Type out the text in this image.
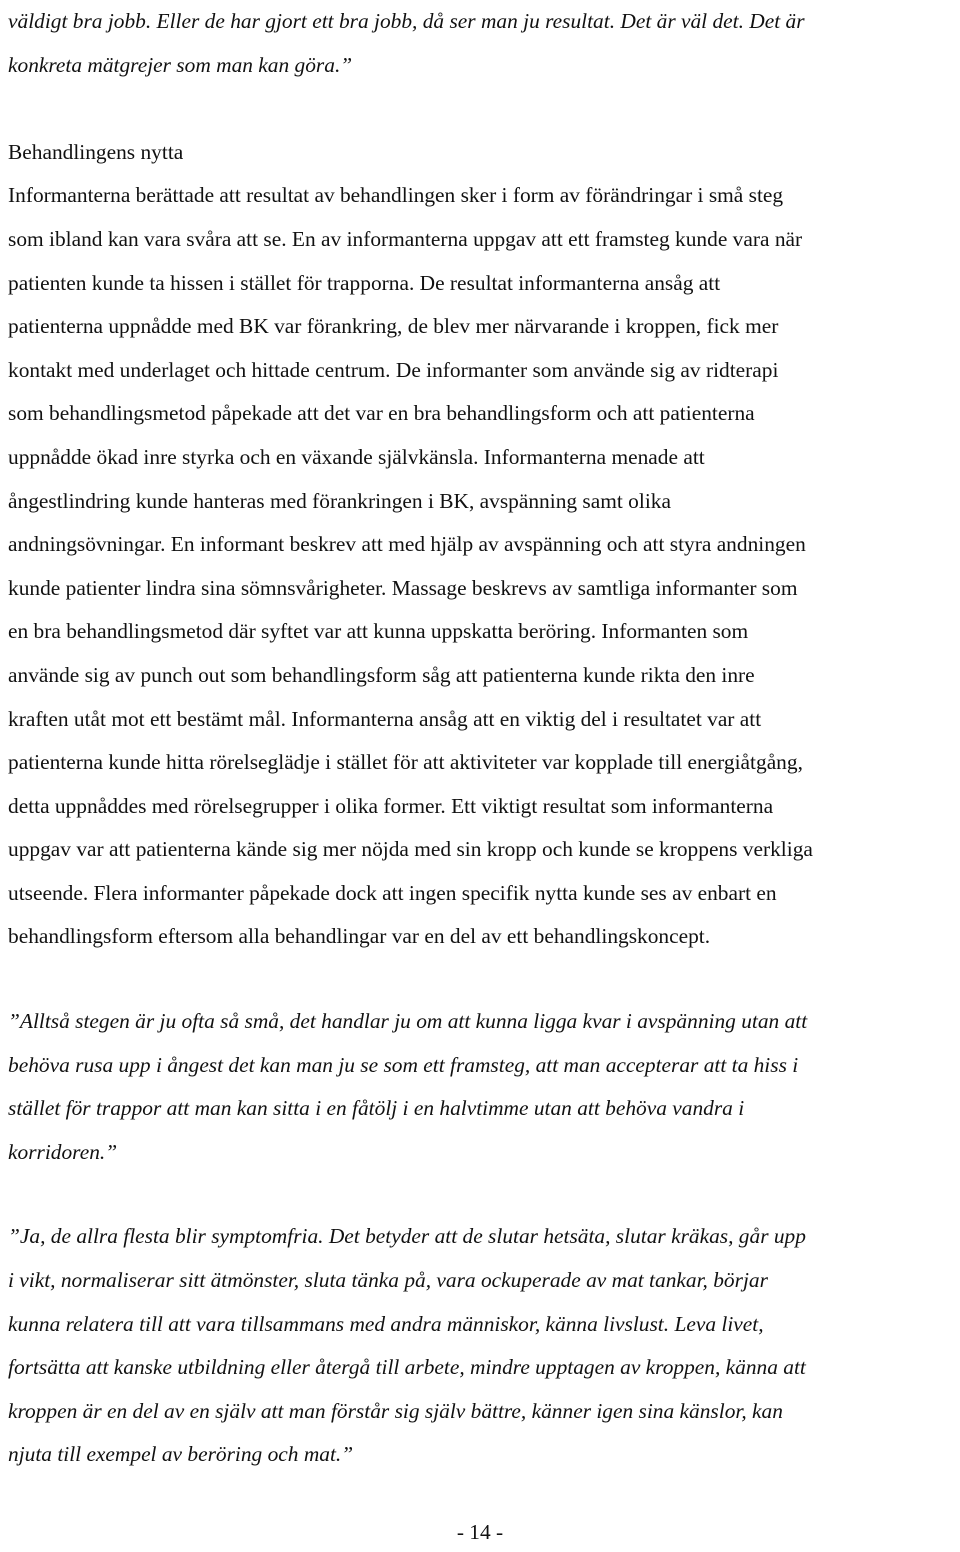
väldigt bra jobb. Eller de har gjort ett bra jobb, då ser man ju resultat. Det är väl det. Det är
konkreta mätgrejer som man kan göra.”
Behandlingens nytta
Informanterna berättade att resultat av behandlingen sker i form av förändringar i små steg
som ibland kan vara svåra att se. En av informanterna uppgav att ett framsteg kunde vara när
patienten kunde ta hissen i stället för trapporna. De resultat informanterna ansåg att
patienterna uppnådde med BK var förankring, de blev mer närvarande i kroppen, fick mer
kontakt med underlaget och hittade centrum. De informanter som använde sig av ridterapi
som behandlingsmetod påpekade att det var en bra behandlingsform och att patienterna
uppnådde ökad inre styrka och en växande självkänsla. Informanterna menade att
ångestlindring kunde hanteras med förankringen i BK, avspänning samt olika
andningsövningar. En informant beskrev att med hjälp av avspänning och att styra andningen
kunde patienter lindra sina sömnsvårigheter. Massage beskrevs av samtliga informanter som
en bra behandlingsmetod där syftet var att kunna uppskatta beröring. Informanten som
använde sig av punch out som behandlingsform såg att patienterna kunde rikta den inre
kraften utåt mot ett bestämt mål. Informanterna ansåg att en viktig del i resultatet var att
patienterna kunde hitta rörelseglädje i stället för att aktiviteter var kopplade till energiåtgång,
detta uppnåddes med rörelsegrupper i olika former. Ett viktigt resultat som informanterna
uppgav var att patienterna kände sig mer nöjda med sin kropp och kunde se kroppens verkliga
utseende. Flera informanter påpekade dock att ingen specifik nytta kunde ses av enbart en
behandlingsform eftersom alla behandlingar var en del av ett behandlingskoncept.
”Alltså stegen är ju ofta så små, det handlar ju om att kunna ligga kvar i avspänning utan att
behöva rusa upp i ångest det kan man ju se som ett framsteg, att man accepterar att ta hiss i
stället för trappor att man kan sitta i en fåtölj i en halvtimme utan att behöva vandra i
korridoren.”
”Ja, de allra flesta blir symptomfria. Det betyder att de slutar hetsäta, slutar kräkas, går upp
i vikt, normaliserar sitt ätmönster, sluta tänka på, vara ockuperade av mat tankar, börjar
kunna relatera till att vara tillsammans med andra människor, känna livslust. Leva livet,
fortsätta att kanske utbildning eller återgå till arbete, mindre upptagen av kroppen, känna att
kroppen är en del av en själv att man förstår sig själv bättre, känner igen sina känslor, kan
njuta till exempel av beröring och mat.”
- 14 -
